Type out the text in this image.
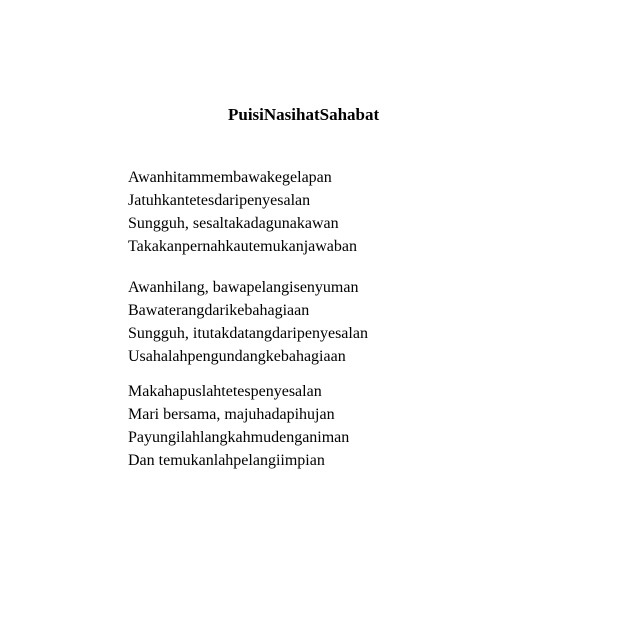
PuisiNasihatSahabat

Awanhitammembawakegelapan
Jatuhkantetesdaripenyesalan
Sungguh, sesaltakadagunakawan
Takakanpernahkautemukanjawaban

Awanhilang, bawapelangisenyuman
Bawaterangdarikebahagiaan
Sungguh, itutakdatangdaripenyesalan
Usahalahpengundangkebahagiaan

Makahapuslahtetespenyesalan
Mari bersama, majuhadapihujan
Payungilahlangkahmudenganiman
Dan temukanlahpelangiimpian
